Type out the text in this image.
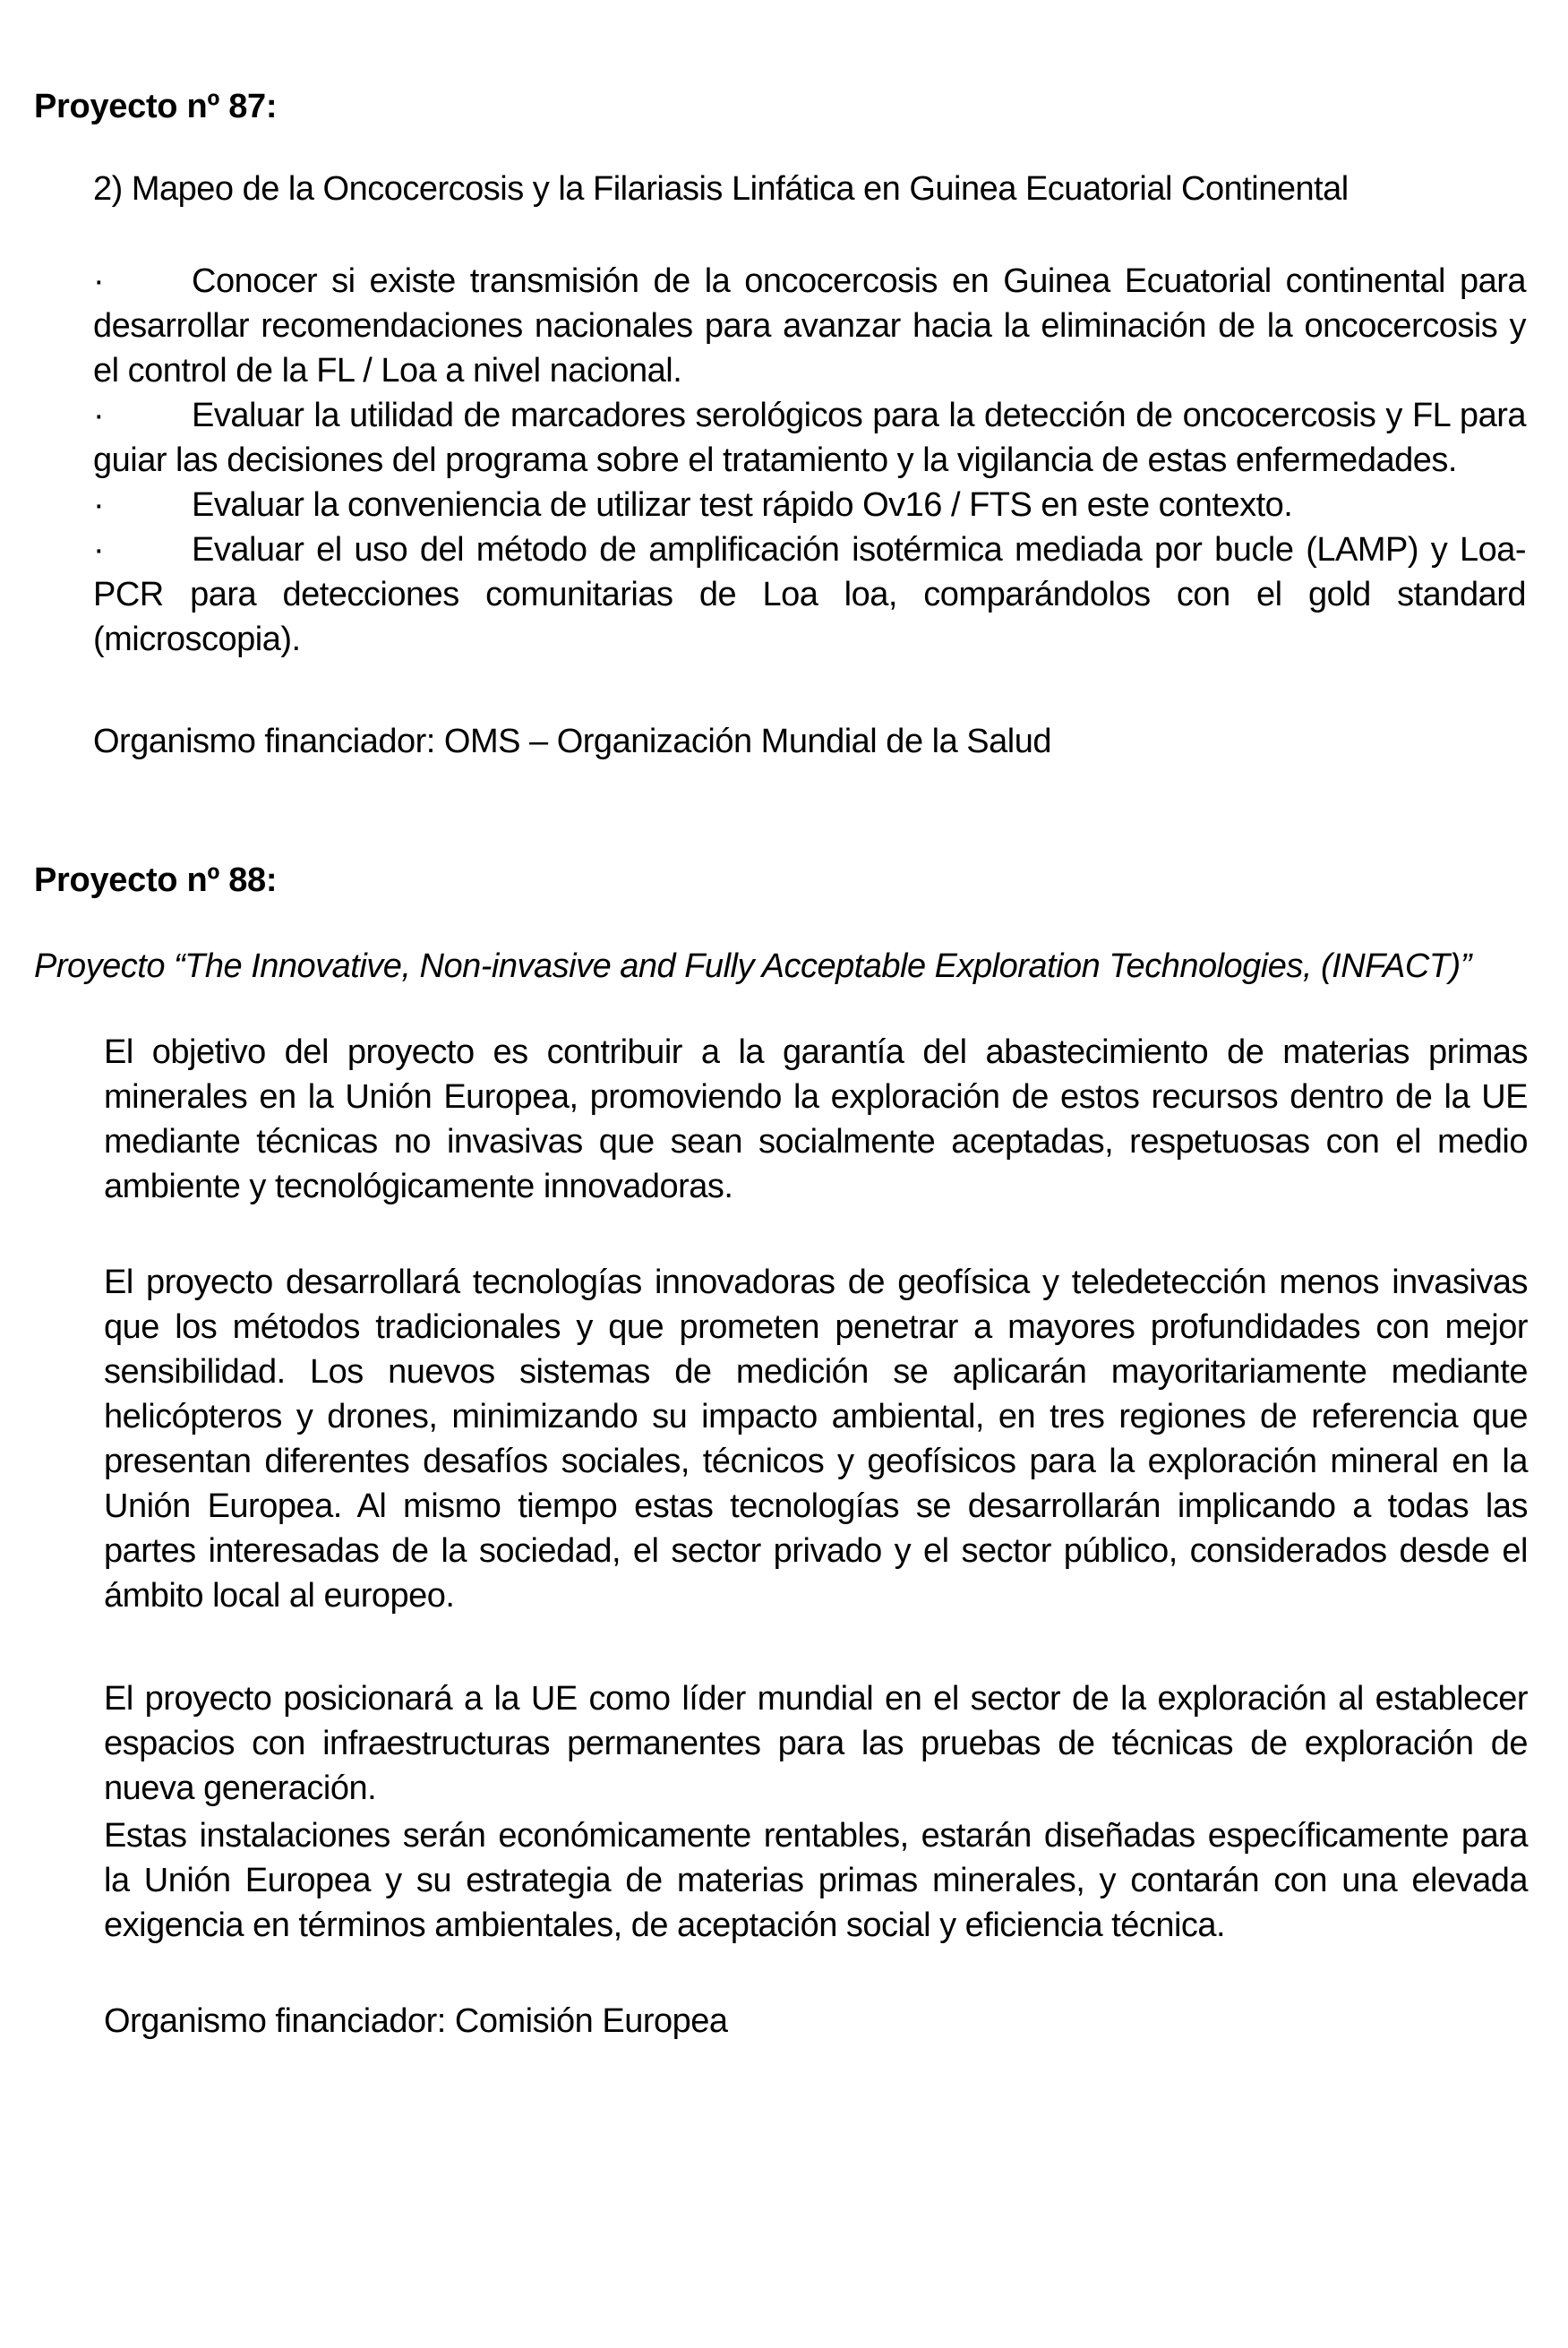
Proyecto nº 87:
2) Mapeo de la Oncocercosis y la Filariasis Linfática en Guinea Ecuatorial Continental
·	Conocer si existe transmisión de la oncocercosis en Guinea Ecuatorial continental para desarrollar recomendaciones nacionales para avanzar hacia la eliminación de la oncocercosis y el control de la FL / Loa a nivel nacional.
·	Evaluar la utilidad de marcadores serológicos para la detección de oncocercosis y FL para guiar las decisiones del programa sobre el tratamiento y la vigilancia de estas enfermedades.
·	Evaluar la conveniencia de utilizar test rápido Ov16 / FTS en este contexto.
·	Evaluar el uso del método de amplificación isotérmica mediada por bucle (LAMP) y Loa-PCR para detecciones comunitarias de Loa loa, comparándolos con el gold standard (microscopia).
Organismo financiador: OMS – Organización Mundial de la Salud
Proyecto nº 88:
Proyecto “The Innovative, Non-invasive and Fully Acceptable Exploration Technologies, (INFACT)”
El objetivo del proyecto es contribuir a la garantía del abastecimiento de materias primas minerales en la Unión Europea, promoviendo la exploración de estos recursos dentro de la UE mediante técnicas no invasivas que sean socialmente aceptadas, respetuosas con el medio ambiente y tecnológicamente innovadoras.
El proyecto desarrollará tecnologías innovadoras de geofísica y teledetección menos invasivas que los métodos tradicionales y que prometen penetrar a mayores profundidades con mejor sensibilidad. Los nuevos sistemas de medición se aplicarán mayoritariamente mediante helicópteros y drones, minimizando su impacto ambiental, en tres regiones de referencia que presentan diferentes desafíos sociales, técnicos y geofísicos para la exploración mineral en la Unión Europea. Al mismo tiempo estas tecnologías se desarrollarán implicando a todas las partes interesadas de la sociedad, el sector privado y el sector público, considerados desde el ámbito local al europeo.
El proyecto posicionará a la UE como líder mundial en el sector de la exploración al establecer espacios con infraestructuras permanentes para las pruebas de técnicas de exploración de nueva generación.
Estas instalaciones serán económicamente rentables, estarán diseñadas específicamente para la Unión Europea y su estrategia de materias primas minerales, y contarán con una elevada exigencia en términos ambientales, de aceptación social y eficiencia técnica.
Organismo financiador: Comisión Europea
